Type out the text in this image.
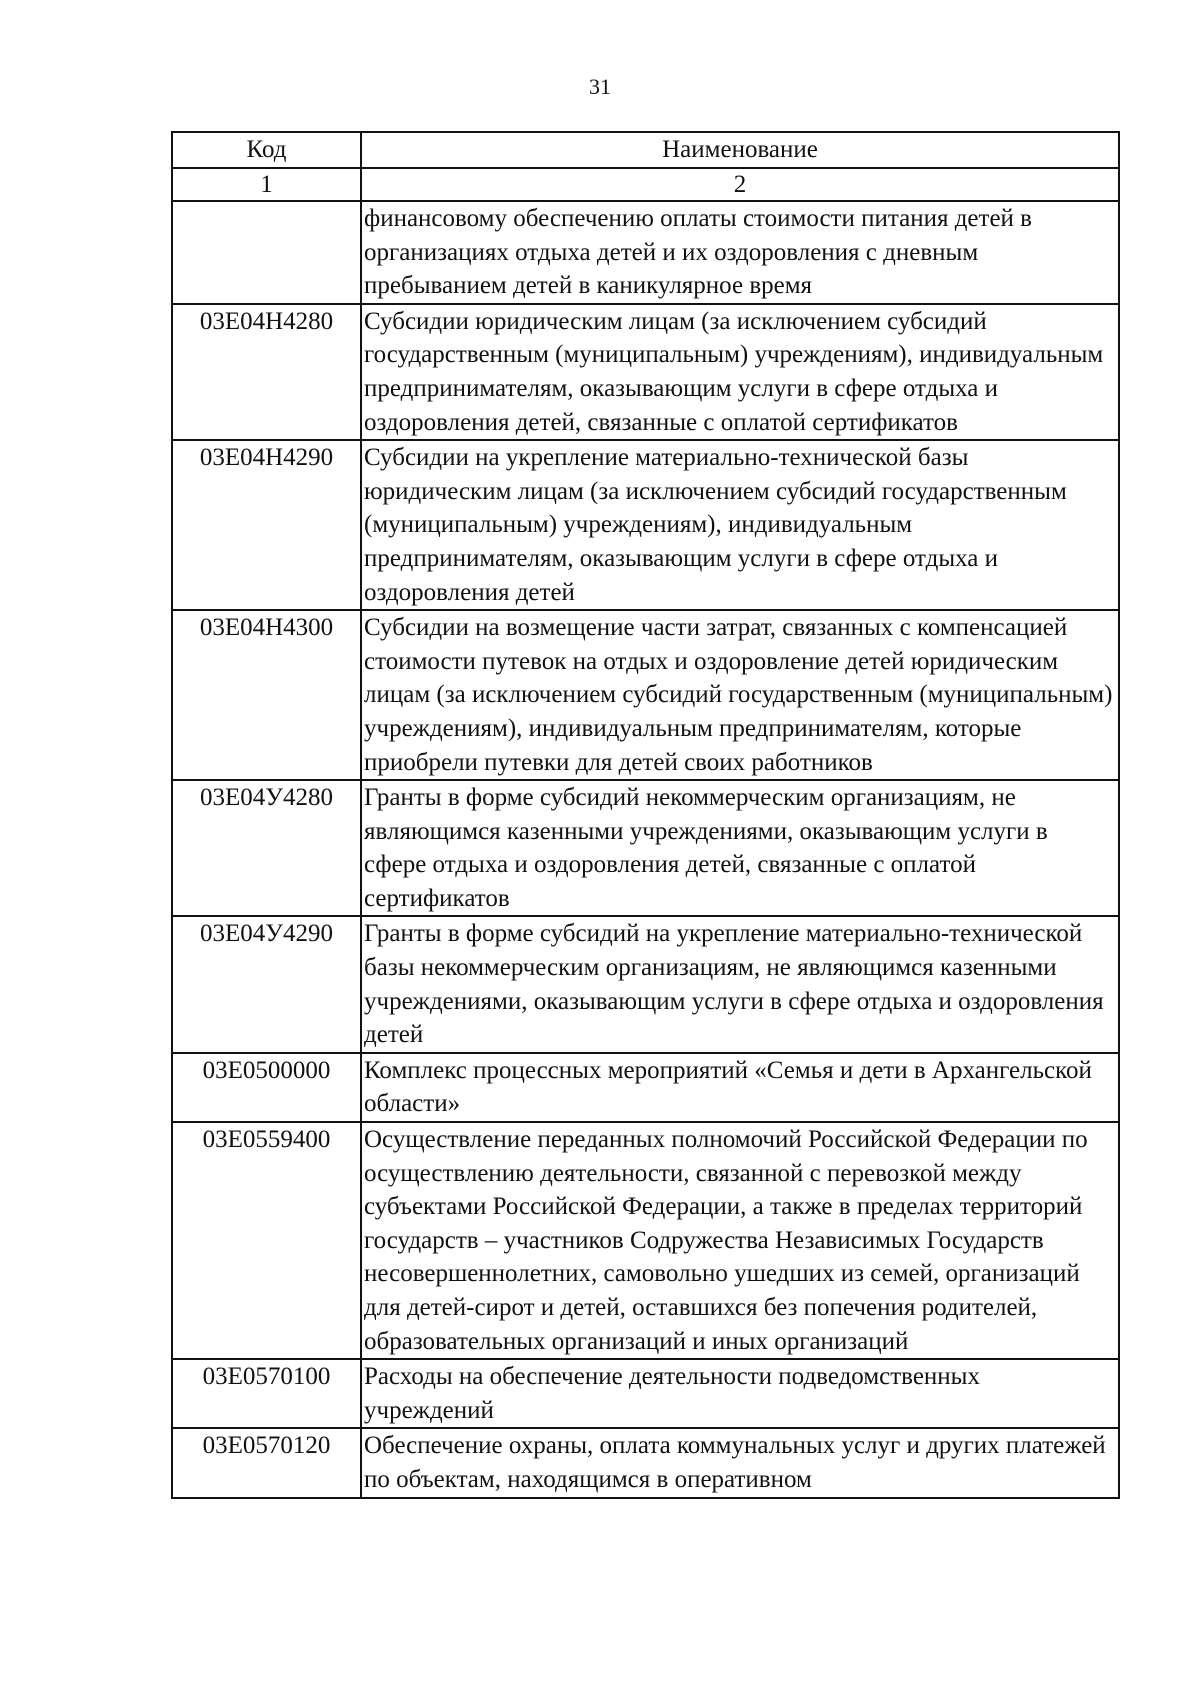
31
Код	Наименование
1	2
	финансовому обеспечению оплаты стоимости питания детей в организациях отдыха детей и их оздоровления с дневным пребыванием детей в каникулярное время
03Е04Н4280	Субсидии юридическим лицам (за исключением субсидий государственным (муниципальным) учреждениям), индивидуальным предпринимателям, оказывающим услуги в сфере отдыха и оздоровления детей, связанные с оплатой сертификатов
03Е04Н4290	Субсидии на укрепление материально-технической базы юридическим лицам (за исключением субсидий государственным (муниципальным) учреждениям), индивидуальным предпринимателям, оказывающим услуги в сфере отдыха и оздоровления детей
03Е04Н4300	Субсидии на возмещение части затрат, связанных с компенсацией стоимости путевок на отдых и оздоровление детей юридическим лицам (за исключением субсидий государственным (муниципальным) учреждениям), индивидуальным предпринимателям, которые приобрели путевки для детей своих работников
03Е04У4280	Гранты в форме субсидий некоммерческим организациям, не являющимся казенными учреждениями, оказывающим услуги в сфере отдыха и оздоровления детей, связанные с оплатой сертификатов
03Е04У4290	Гранты в форме субсидий на укрепление материально-технической базы некоммерческим организациям, не являющимся казенными учреждениями, оказывающим услуги в сфере отдыха и оздоровления детей
03Е0500000	Комплекс процессных мероприятий «Семья и дети в Архангельской области»
03Е0559400	Осуществление переданных полномочий Российской Федерации по осуществлению деятельности, связанной с перевозкой между субъектами Российской Федерации, а также в пределах территорий государств – участников Содружества Независимых Государств несовершеннолетних, самовольно ушедших из семей, организаций для детей-сирот и детей, оставшихся без попечения родителей, образовательных организаций и иных организаций
03Е0570100	Расходы на обеспечение деятельности подведомственных учреждений
03Е0570120	Обеспечение охраны, оплата коммунальных услуг и других платежей по объектам, находящимся в оперативном
